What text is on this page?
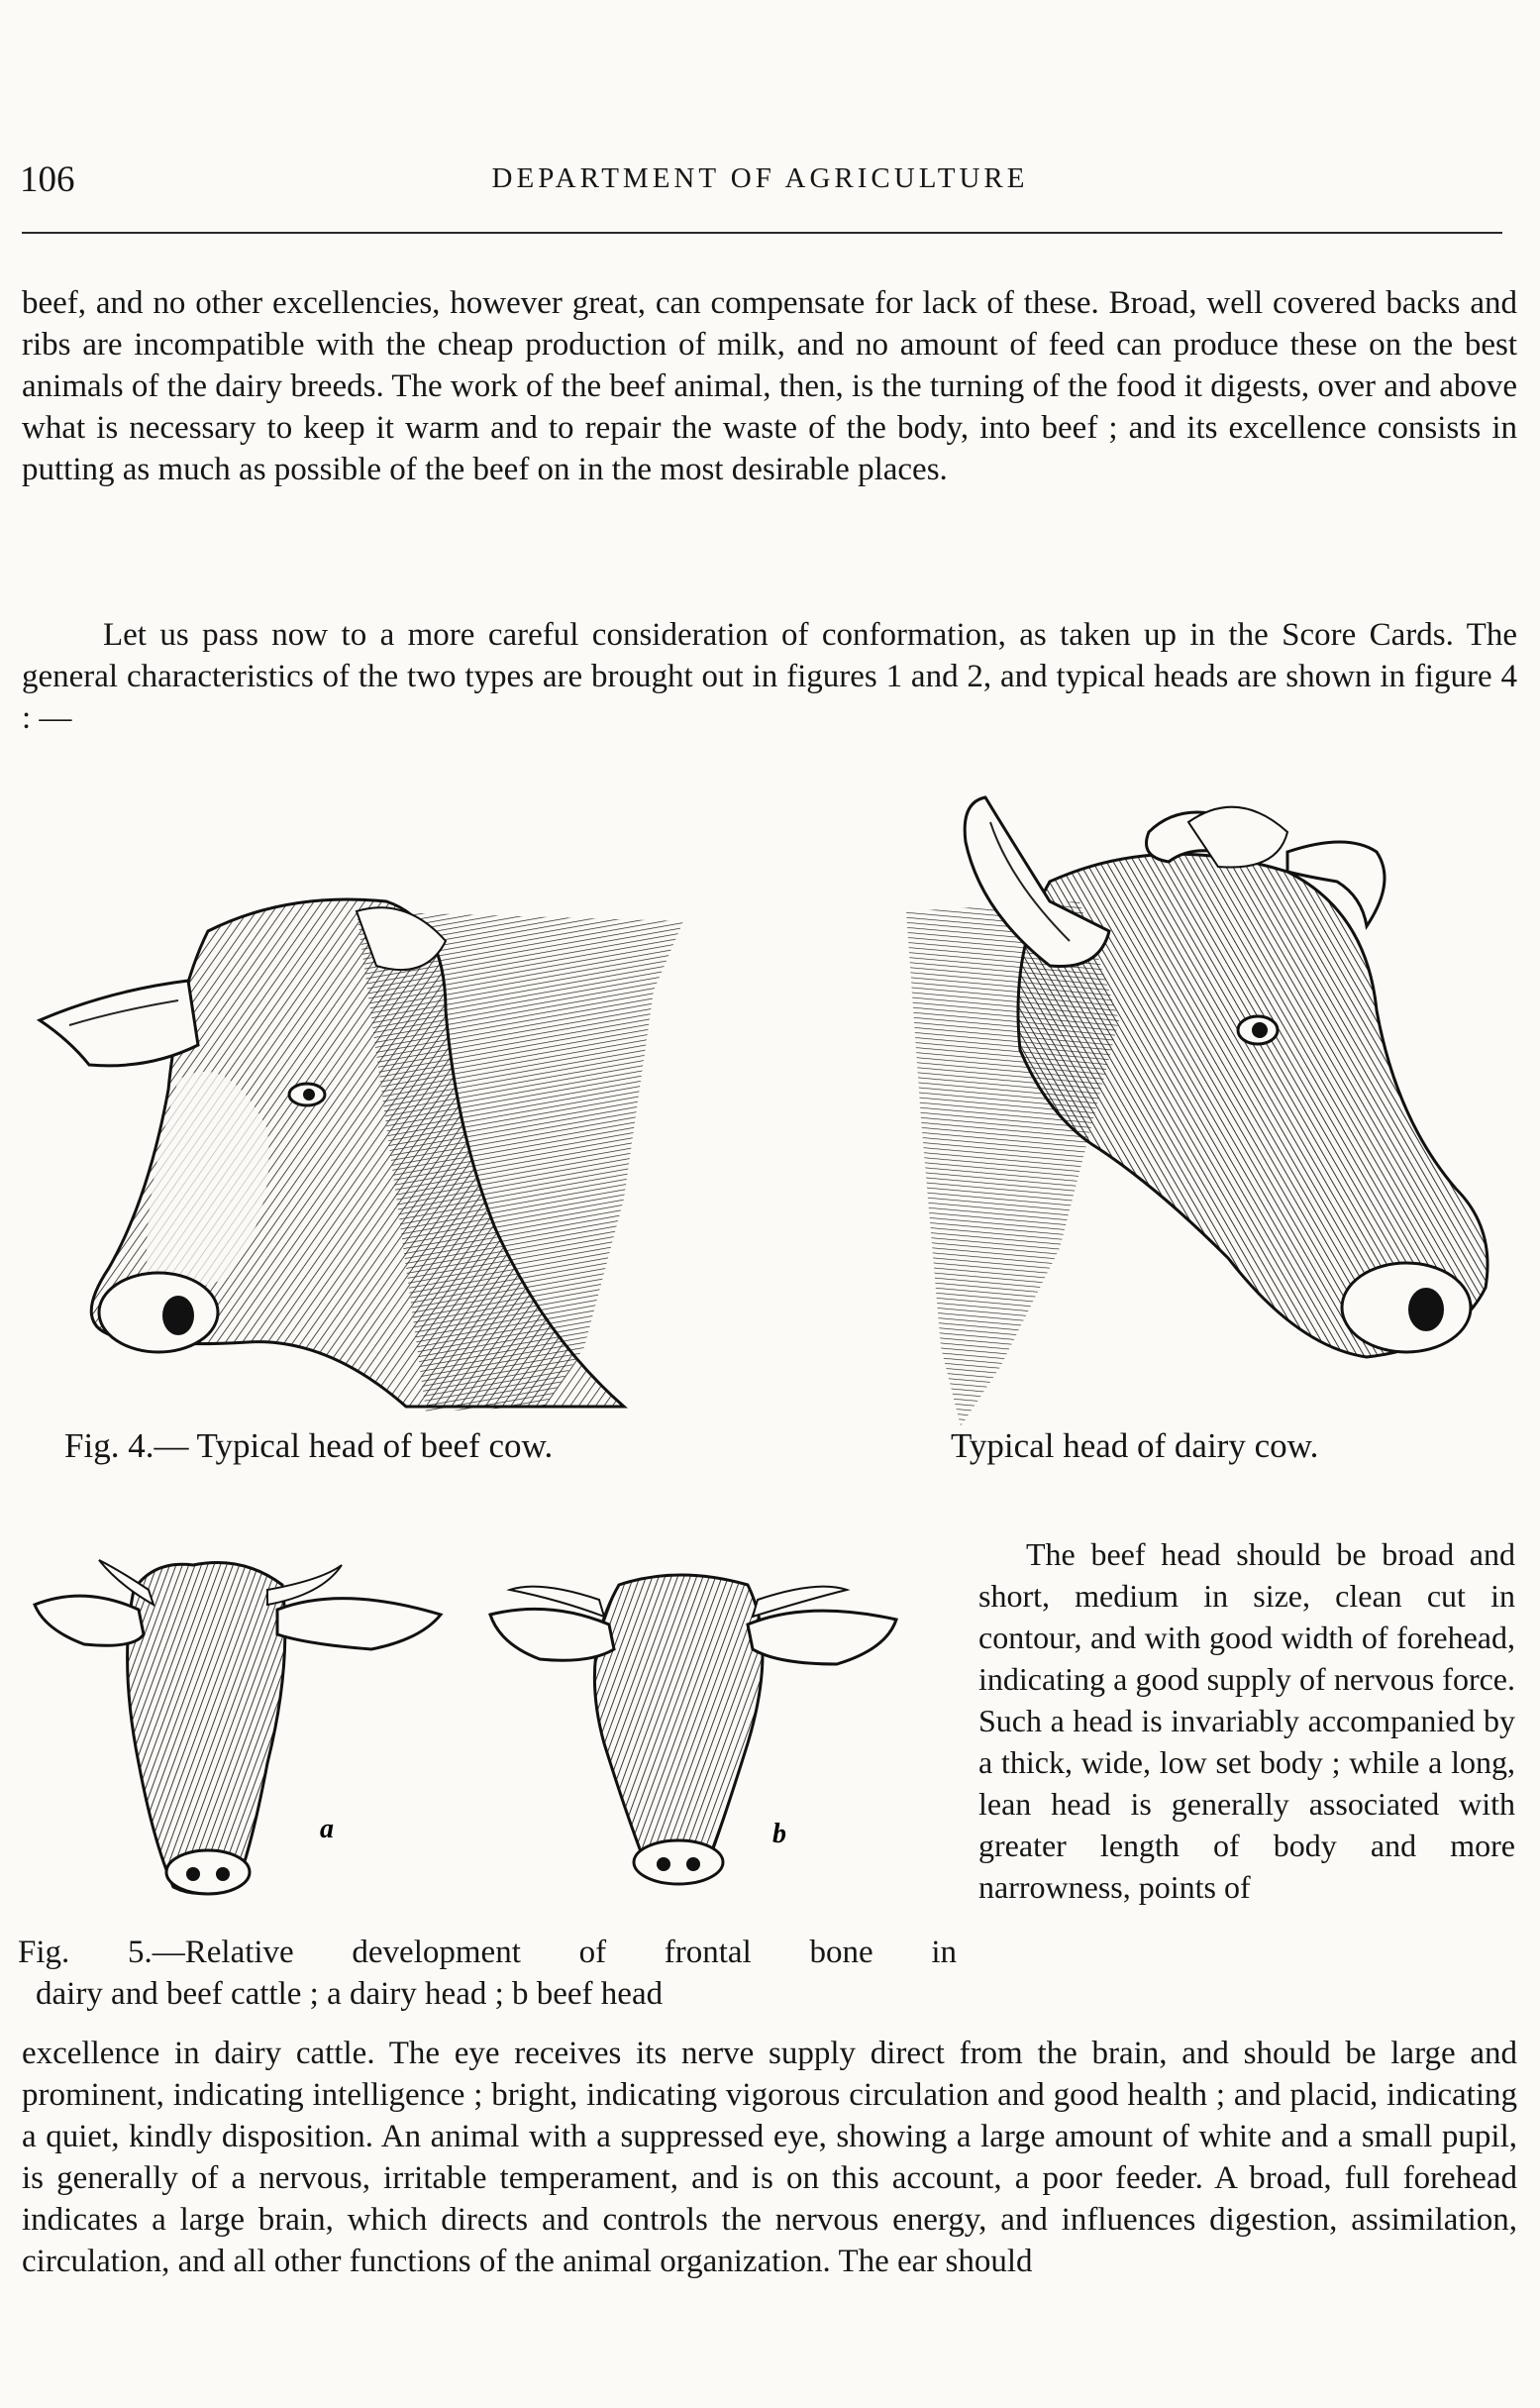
106	DEPARTMENT OF AGRICULTURE
beef, and no other excellencies, however great, can compensate for lack of these. Broad, well covered backs and ribs are incompatible with the cheap production of milk, and no amount of feed can produce these on the best animals of the dairy breeds. The work of the beef animal, then, is the turning of the food it digests, over and above what is necessary to keep it warm and to repair the waste of the body, into beef ; and its excellence consists in putting as much as possible of the beef on in the most desirable places.
Let us pass now to a more careful consideration of conformation, as taken up in the Score Cards. The general characteristics of the two types are brought out in figures 1 and 2, and typical heads are shown in figure 4 : —
Fig. 4.— Typical head of beef cow.	Typical head of dairy cow.
a	b
The beef head should be broad and short, medium in size, clean cut in contour, and with good width of forehead, indicating a good supply of nervous force. Such a head is invariably accompanied by a thick, wide, low set body ; while a long, lean head is generally associated with greater length of body and more narrowness, points of
Fig. 5.—Relative development of frontal bone in
dairy and beef cattle ; a dairy head ; b beef head
excellence in dairy cattle. The eye receives its nerve supply direct from the brain, and should be large and prominent, indicating intelligence ; bright, indicating vigorous circulation and good health ; and placid, indicating a quiet, kindly disposition. An animal with a suppressed eye, showing a large amount of white and a small pupil, is generally of a nervous, irritable temperament, and is on this account, a poor feeder. A broad, full forehead indicates a large brain, which directs and controls the nervous energy, and influences digestion, assimilation, circulation, and all other functions of the animal organization. The ear should
